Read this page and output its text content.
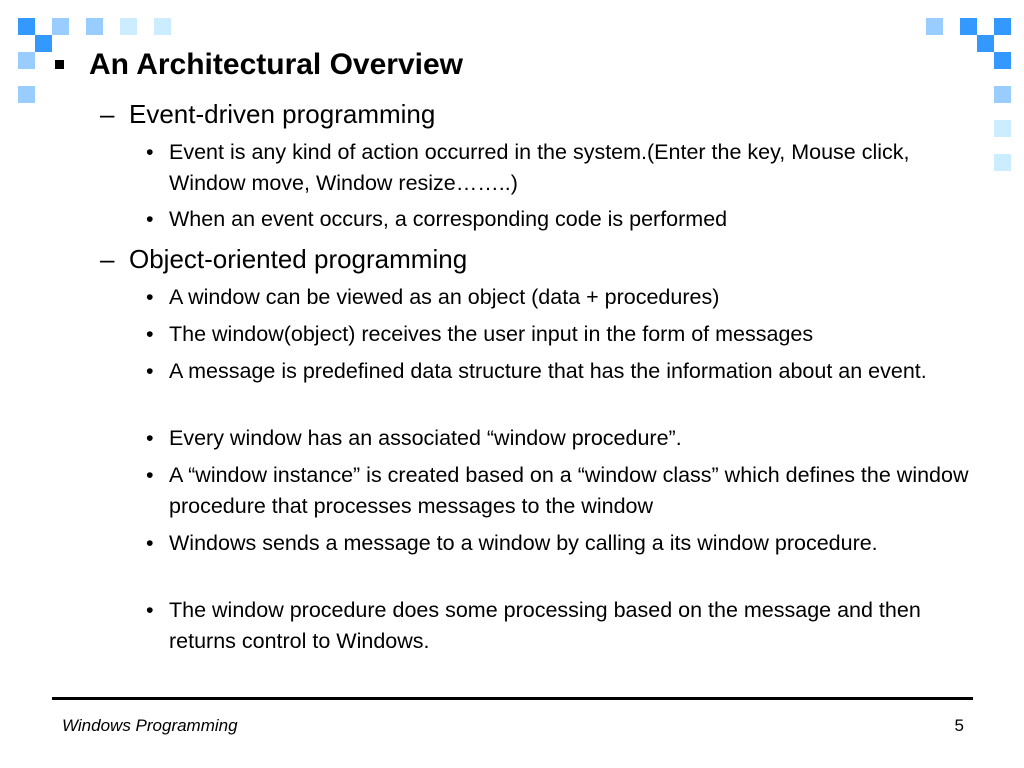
An Architectural Overview
– Event-driven programming
• Event is any kind of action occurred in the system.(Enter the key, Mouse click, Window move, Window resize……..)
• When an event occurs, a corresponding code is performed
– Object-oriented programming
• A window can be viewed as an object (data + procedures)
• The window(object) receives the user input in the form of messages
• A message is predefined data structure that has the information about an event.
• Every window has an associated “window procedure”.
• A “window instance” is created based on a “window class” which defines the window procedure that processes messages to the window
• Windows sends a message to a window by calling a its window procedure.
• The window procedure does some processing based on the message and then returns control to Windows.
Windows Programming	5
